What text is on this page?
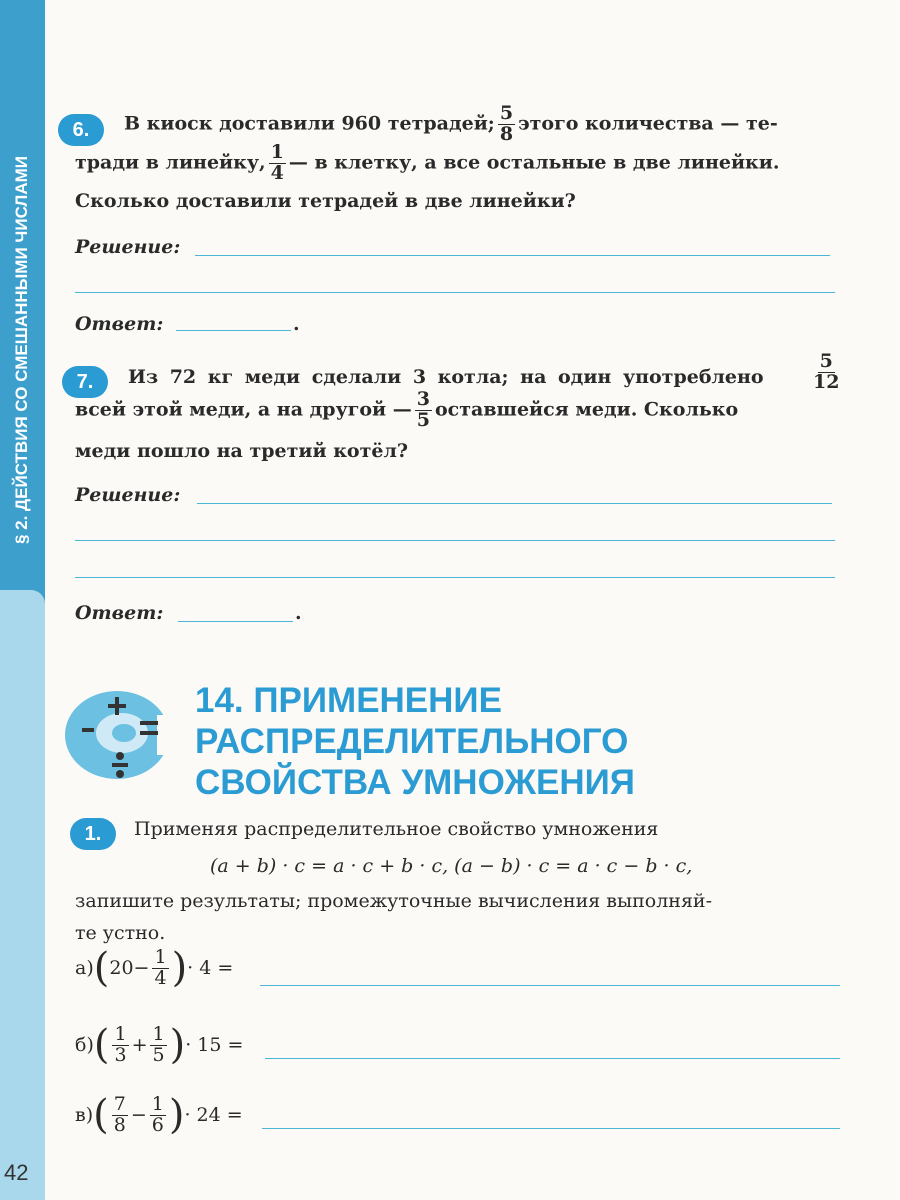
§ 2. ДЕЙСТВИЯ СО СМЕШАННЫМИ ЧИСЛАМИ
42
6.	В киоск доставили 960 тетрадей; $\frac{5}{8}$ этого количества — те-
тради в линейку, $\frac{1}{4}$ — в клетку, а все остальные в две линейки.
Сколько доставили тетрадей в две линейки?
Решение:
Ответ:	.
7.	Из 72 кг меди сделали 3 котла; на один употреблено	$\frac{5}{12}$
всей этой меди, а на другой — $\frac{3}{5}$ оставшейся меди. Сколько
меди пошло на третий котёл?
Решение:
Ответ:	.
14. ПРИМЕНЕНИЕ
РАСПРЕДЕЛИТЕЛЬНОГО
СВОЙСТВА УМНОЖЕНИЯ
1.	Применяя распределительное свойство умножения
(a + b) · c = a · c + b · c, (a − b) · c = a · c − b · c,
запишите результаты; промежуточные вычисления выполняй-
те устно.
а) ( $20 - \frac{1}{4}$ ) · 4 =
б) ( $\frac{1}{3} + \frac{1}{5}$ ) · 15 =
в) ( $\frac{7}{8} - \frac{1}{6}$ ) · 24 =
